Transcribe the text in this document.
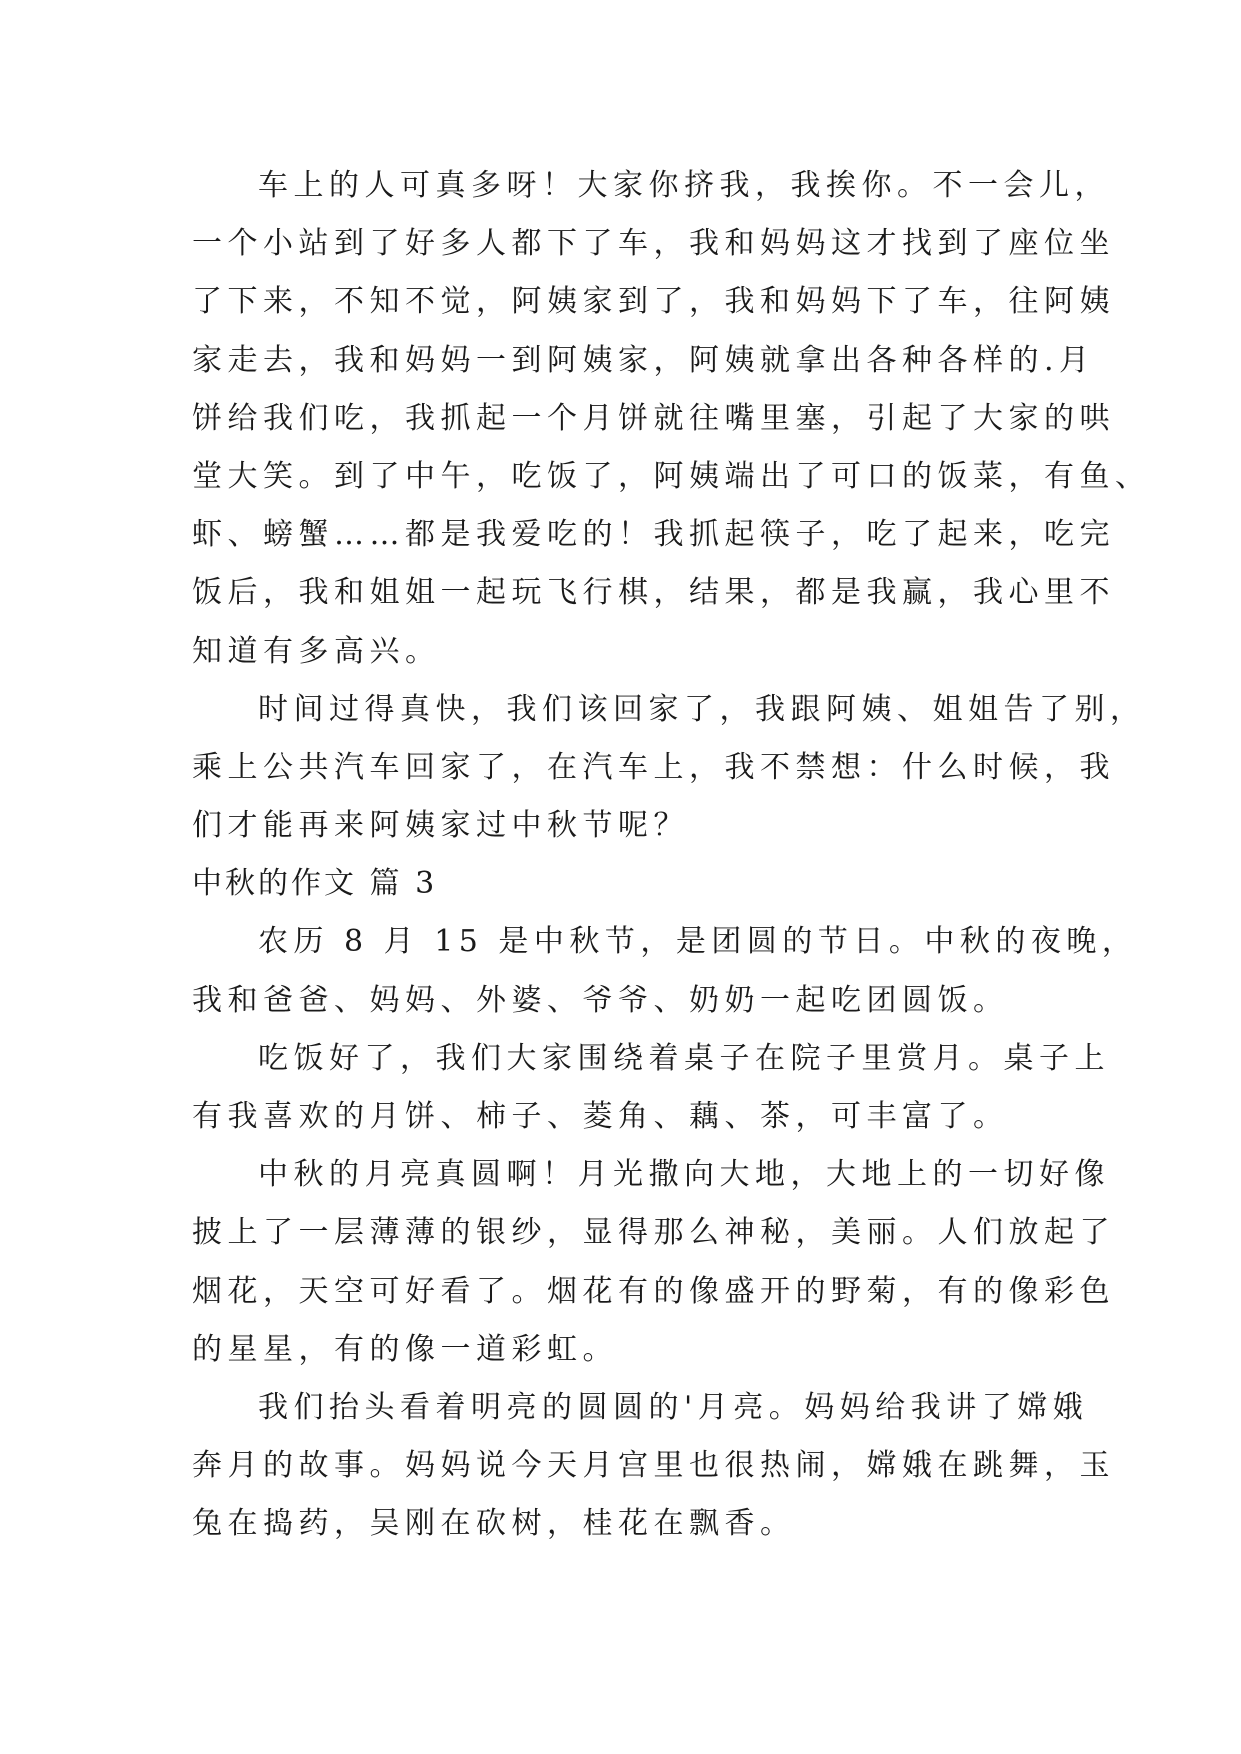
车上的人可真多呀！大家你挤我，我挨你。不一会儿，
一个小站到了好多人都下了车，我和妈妈这才找到了座位坐
了下来，不知不觉，阿姨家到了，我和妈妈下了车，往阿姨
家走去，我和妈妈一到阿姨家，阿姨就拿出各种各样的.月
饼给我们吃，我抓起一个月饼就往嘴里塞，引起了大家的哄
堂大笑。到了中午，吃饭了，阿姨端出了可口的饭菜，有鱼、
虾、螃蟹……都是我爱吃的！我抓起筷子，吃了起来，吃完
饭后，我和姐姐一起玩飞行棋，结果，都是我赢，我心里不
知道有多高兴。
时间过得真快，我们该回家了，我跟阿姨、姐姐告了别，
乘上公共汽车回家了，在汽车上，我不禁想：什么时候，我
们才能再来阿姨家过中秋节呢？
中秋的作文 篇 3
农历 8 月 15 是中秋节，是团圆的节日。中秋的夜晚，
我和爸爸、妈妈、外婆、爷爷、奶奶一起吃团圆饭。
吃饭好了，我们大家围绕着桌子在院子里赏月。桌子上
有我喜欢的月饼、柿子、菱角、藕、茶，可丰富了。
中秋的月亮真圆啊！月光撒向大地，大地上的一切好像
披上了一层薄薄的银纱，显得那么神秘，美丽。人们放起了
烟花，天空可好看了。烟花有的像盛开的野菊，有的像彩色
的星星，有的像一道彩虹。
我们抬头看着明亮的圆圆的'月亮。妈妈给我讲了嫦娥
奔月的故事。妈妈说今天月宫里也很热闹，嫦娥在跳舞，玉
兔在捣药，吴刚在砍树，桂花在飘香。
